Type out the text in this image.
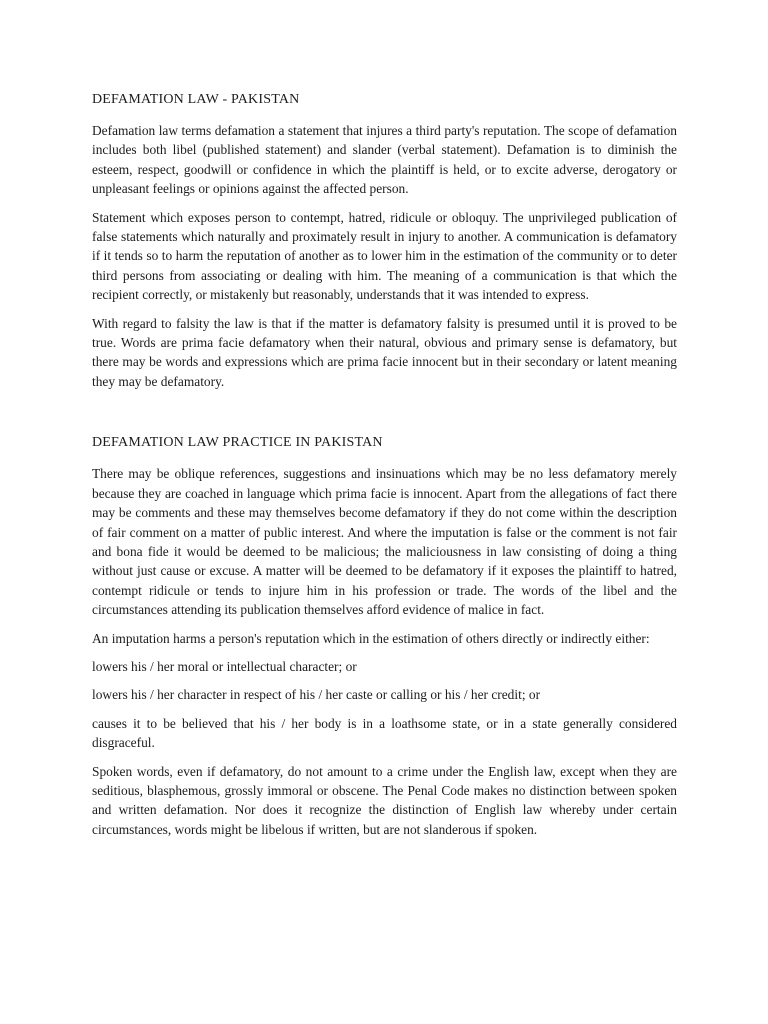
DEFAMATION LAW - PAKISTAN

Defamation law terms defamation a statement that injures a third party's reputation. The scope of defamation includes both libel (published statement) and slander (verbal statement). Defamation is to diminish the esteem, respect, goodwill or confidence in which the plaintiff is held, or to excite adverse, derogatory or unpleasant feelings or opinions against the affected person.

Statement which exposes person to contempt, hatred, ridicule or obloquy. The unprivileged publication of false statements which naturally and proximately result in injury to another. A communication is defamatory if it tends so to harm the reputation of another as to lower him in the estimation of the community or to deter third persons from associating or dealing with him. The meaning of a communication is that which the recipient correctly, or mistakenly but reasonably, understands that it was intended to express.

With regard to falsity the law is that if the matter is defamatory falsity is presumed until it is proved to be true. Words are prima facie defamatory when their natural, obvious and primary sense is defamatory, but there may be words and expressions which are prima facie innocent but in their secondary or latent meaning they may be defamatory.

DEFAMATION LAW PRACTICE IN PAKISTAN

There may be oblique references, suggestions and insinuations which may be no less defamatory merely because they are coached in language which prima facie is innocent. Apart from the allegations of fact there may be comments and these may themselves become defamatory if they do not come within the description of fair comment on a matter of public interest. And where the imputation is false or the comment is not fair and bona fide it would be deemed to be malicious; the maliciousness in law consisting of doing a thing without just cause or excuse. A matter will be deemed to be defamatory if it exposes the plaintiff to hatred, contempt ridicule or tends to injure him in his profession or trade. The words of the libel and the circumstances attending its publication themselves afford evidence of malice in fact.

An imputation harms a person's reputation which in the estimation of others directly or indirectly either:

lowers his / her moral or intellectual character; or

lowers his / her character in respect of his / her caste or calling or his / her credit; or

causes it to be believed that his / her body is in a loathsome state, or in a state generally considered disgraceful.

Spoken words, even if defamatory, do not amount to a crime under the English law, except when they are seditious, blasphemous, grossly immoral or obscene. The Penal Code makes no distinction between spoken and written defamation. Nor does it recognize the distinction of English law whereby under certain circumstances, words might be libelous if written, but are not slanderous if spoken.
